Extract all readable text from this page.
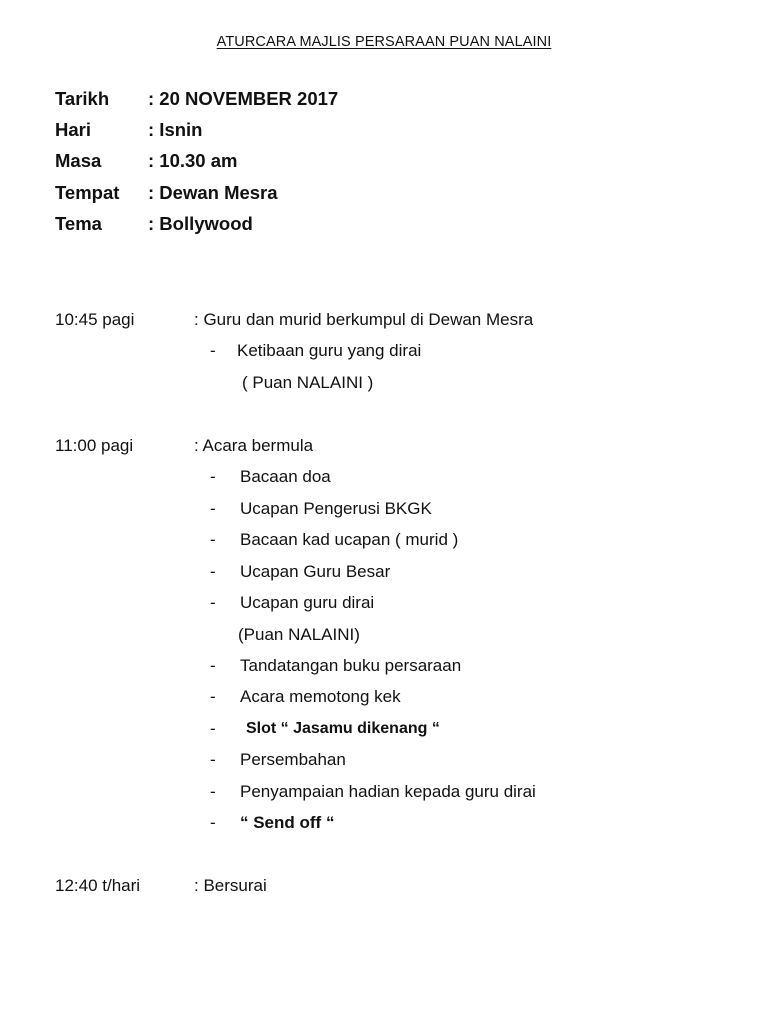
ATURCARA MAJLIS PERSARAAN PUAN NALAINI
Tarikh : 20 NOVEMBER 2017
Hari	: Isnin
Masa	: 10.30 am
Tempat : Dewan Mesra
Tema : Bollywood
10:45 pagi	: Guru dan murid berkumpul di Dewan Mesra
- Ketibaan guru yang dirai
( Puan NALAINI )
11:00 pagi	: Acara bermula
- Bacaan doa
- Ucapan Pengerusi BKGK
- Bacaan kad ucapan ( murid )
- Ucapan Guru Besar
- Ucapan guru dirai
(Puan NALAINI)
- Tandatangan buku persaraan
- Acara memotong kek
- Slot “ Jasamu dikenang “
- Persembahan
- Penyampaian hadian kepada guru dirai
- “ Send off “
12:40 t/hari	: Bersurai
